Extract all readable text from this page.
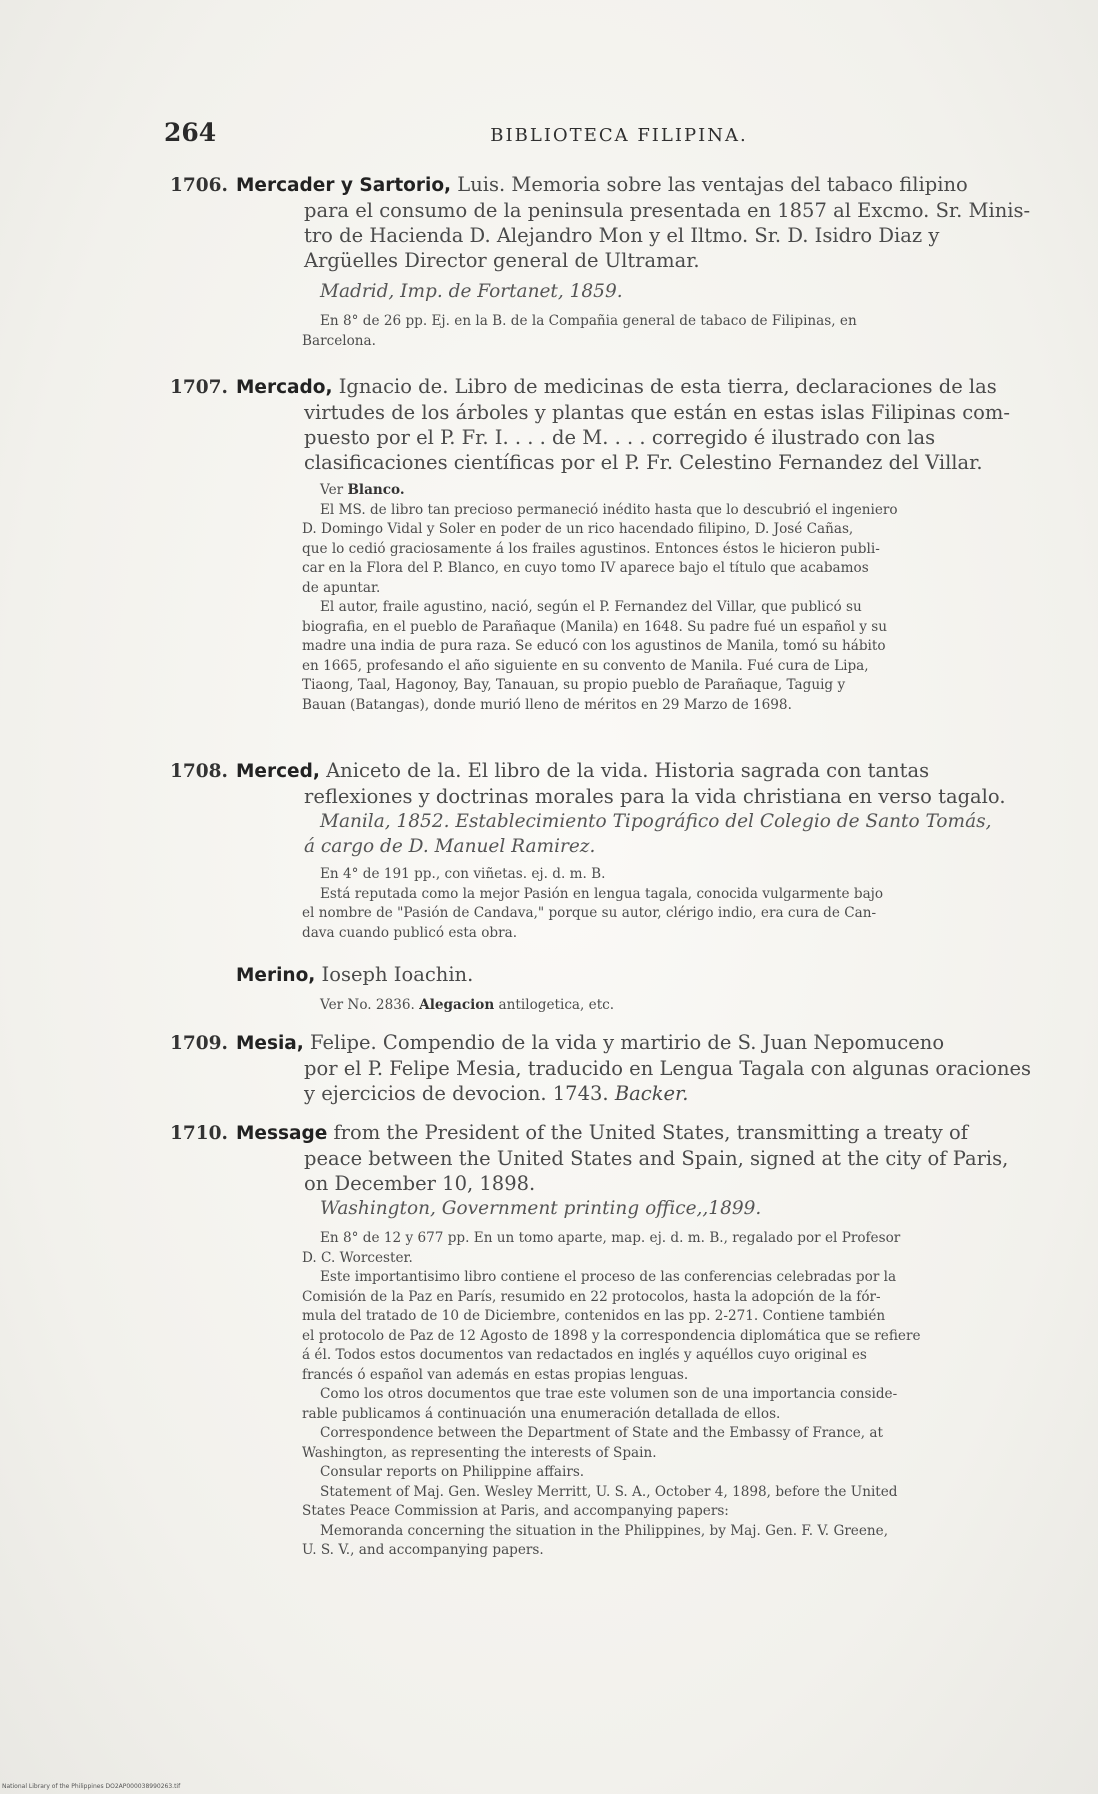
264	BIBLIOTECA FILIPINA.
1706. Mercader y Sartorio, Luis. Memoria sobre las ventajas del tabaco filipino
para el consumo de la peninsula presentada en 1857 al Excmo. Sr. Minis-
tro de Hacienda D. Alejandro Mon y el Iltmo. Sr. D. Isidro Diaz y
Argüelles Director general de Ultramar.
Madrid, Imp. de Fortanet, 1859.
En 8° de 26 pp. Ej. en la B. de la Compañia general de tabaco de Filipinas, en
Barcelona.
1707. Mercado, Ignacio de. Libro de medicinas de esta tierra, declaraciones de las
virtudes de los árboles y plantas que están en estas islas Filipinas com-
puesto por el P. Fr. I. . . . de M. . . . corregido é ilustrado con las
clasificaciones científicas por el P. Fr. Celestino Fernandez del Villar.
Ver Blanco.
El MS. de libro tan precioso permaneció inédito hasta que lo descubrió el ingeniero
D. Domingo Vidal y Soler en poder de un rico hacendado filipino, D. José Cañas,
que lo cedió graciosamente á los frailes agustinos. Entonces éstos le hicieron publi-
car en la Flora del P. Blanco, en cuyo tomo IV aparece bajo el título que acabamos
de apuntar.
El autor, fraile agustino, nació, según el P. Fernandez del Villar, que publicó su
biografia, en el pueblo de Parañaque (Manila) en 1648. Su padre fué un español y su
madre una india de pura raza. Se educó con los agustinos de Manila, tomó su hábito
en 1665, profesando el año siguiente en su convento de Manila. Fué cura de Lipa,
Tiaong, Taal, Hagonoy, Bay, Tanauan, su propio pueblo de Parañaque, Taguig y
Bauan (Batangas), donde murió lleno de méritos en 29 Marzo de 1698.
1708. Merced, Aniceto de la. El libro de la vida. Historia sagrada con tantas
reflexiones y doctrinas morales para la vida christiana en verso tagalo.
Manila, 1852. Establecimiento Tipográfico del Colegio de Santo Tomás,
á cargo de D. Manuel Ramirez.
En 4° de 191 pp., con viñetas. ej. d. m. B.
Está reputada como la mejor Pasión en lengua tagala, conocida vulgarmente bajo
el nombre de "Pasión de Candava," porque su autor, clérigo indio, era cura de Can-
dava cuando publicó esta obra.
Merino, Ioseph Ioachin.
Ver No. 2836. Alegacion antilogetica, etc.
1709. Mesia, Felipe. Compendio de la vida y martirio de S. Juan Nepomuceno
por el P. Felipe Mesia, traducido en Lengua Tagala con algunas oraciones
y ejercicios de devocion. 1743. Backer.
1710. Message from the President of the United States, transmitting a treaty of
peace between the United States and Spain, signed at the city of Paris,
on December 10, 1898.
Washington, Government printing office,,1899.
En 8° de 12 y 677 pp. En un tomo aparte, map. ej. d. m. B., regalado por el Profesor
D. C. Worcester.
Este importantisimo libro contiene el proceso de las conferencias celebradas por la
Comisión de la Paz en París, resumido en 22 protocolos, hasta la adopción de la fór-
mula del tratado de 10 de Diciembre, contenidos en las pp. 2-271. Contiene también
el protocolo de Paz de 12 Agosto de 1898 y la correspondencia diplomática que se refiere
á él. Todos estos documentos van redactados en inglés y aquéllos cuyo original es
francés ó español van además en estas propias lenguas.
Como los otros documentos que trae este volumen son de una importancia conside-
rable publicamos á continuación una enumeración detallada de ellos.
Correspondence between the Department of State and the Embassy of France, at
Washington, as representing the interests of Spain.
Consular reports on Philippine affairs.
Statement of Maj. Gen. Wesley Merritt, U. S. A., October 4, 1898, before the United
States Peace Commission at Paris, and accompanying papers:
Memoranda concerning the situation in the Philippines, by Maj. Gen. F. V. Greene,
U. S. V., and accompanying papers.
National Library of the Philippines DO2AP000038990263.tif
